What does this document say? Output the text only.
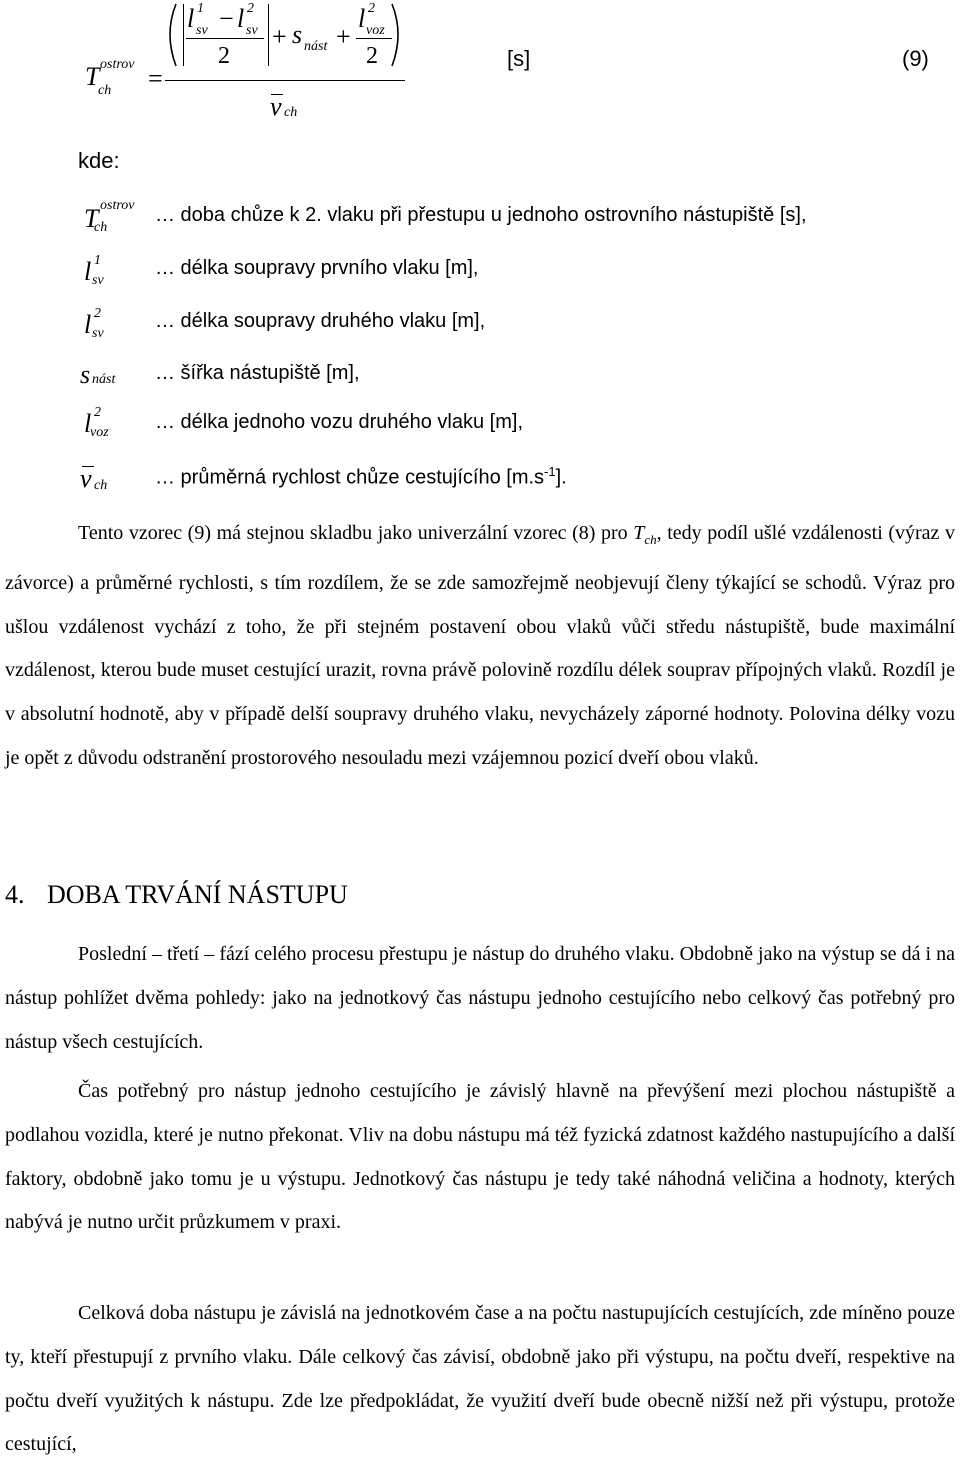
T ostrov
ch =
l 1
sv − l 2
sv
2
+ s nást +
l 2
voz
2
v ch
[s]	(9)
kde:
T ostrov
ch
… doba chůze k 2. vlaku při přestupu u jednoho ostrovního nástupiště [s],
l 1
sv
… délka soupravy prvního vlaku [m],
l 2
sv
… délka soupravy druhého vlaku [m],
s nást … šířka nástupiště [m],
l 2
voz … délka jednoho vozu druhého vlaku [m],
v ch … průměrná rychlost chůze cestujícího $[m.s^{-1}]$.

Tento vzorec (9) má stejnou skladbu jako univerzální vzorec (8) pro $T_{ch}$, tedy podíl ušlé vzdálenosti (výraz v závorce) a průměrné rychlosti, s tím rozdílem, že se zde samozřejmě neobjevují členy týkající se schodů. Výraz pro ušlou vzdálenost vychází z toho, že při stejném postavení obou vlaků vůči středu nástupiště, bude maximální vzdálenost, kterou bude muset cestující urazit, rovna právě polovině rozdílu délek souprav přípojných vlaků. Rozdíl je v absolutní hodnotě, aby v případě delší soupravy druhého vlaku, nevycházely záporné hodnoty. Polovina délky vozu je opět z důvodu odstranění prostorového nesouladu mezi vzájemnou pozicí dveří obou vlaků.

4. DOBA TRVÁNÍ NÁSTUPU

Poslední – třetí – fází celého procesu přestupu je nástup do druhého vlaku. Obdobně jako na výstup se dá i na nástup pohlížet dvěma pohledy: jako na jednotkový čas nástupu jednoho cestujícího nebo celkový čas potřebný pro nástup všech cestujících.

Čas potřebný pro nástup jednoho cestujícího je závislý hlavně na převýšení mezi plochou nástupiště a podlahou vozidla, které je nutno překonat. Vliv na dobu nástupu má též fyzická zdatnost každého nastupujícího a další faktory, obdobně jako tomu je u výstupu. Jednotkový čas nástupu je tedy také náhodná veličina a hodnoty, kterých nabývá je nutno určit průzkumem v praxi.

Celková doba nástupu je závislá na jednotkovém čase a na počtu nastupujících cestujících, zde míněno pouze ty, kteří přestupují z prvního vlaku. Dále celkový čas závisí, obdobně jako při výstupu, na počtu dveří, respektive na počtu dveří využitých k nástupu. Zde lze předpokládat, že využití dveří bude obecně nižší než při výstupu, protože cestující,
